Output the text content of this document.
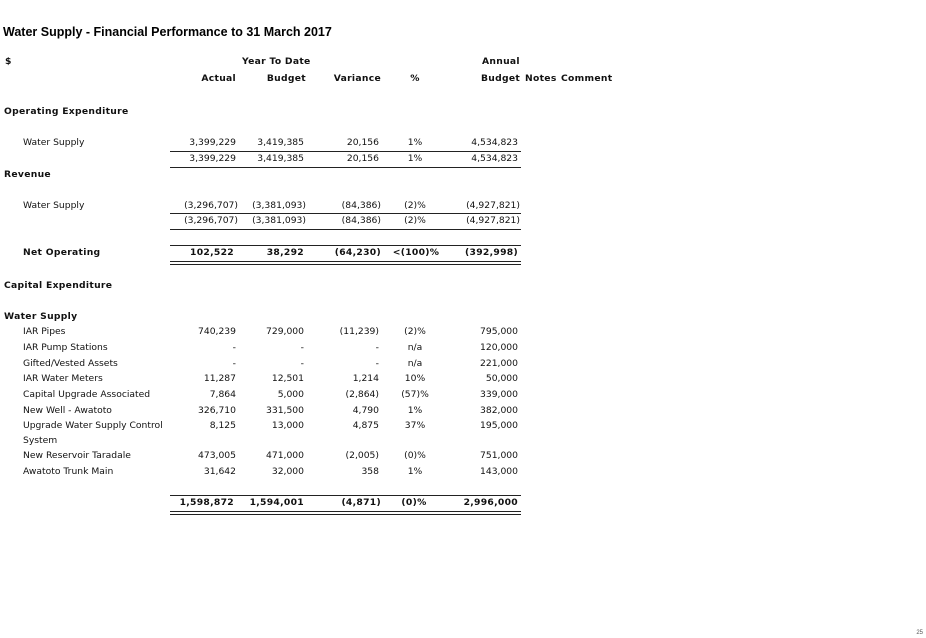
Water Supply - Financial Performance to 31 March 2017
$	Year To Date	Annual
Actual	Budget	Variance	%	Budget Notes Comment
Operating Expenditure
Water Supply	3,399,229	3,419,385	20,156	1%	4,534,823
3,399,229	3,419,385	20,156	1%	4,534,823
Revenue
Water Supply	(3,296,707)	(3,381,093)	(84,386)	(2)%	(4,927,821)
(3,296,707)	(3,381,093)	(84,386)	(2)%	(4,927,821)
Net Operating	102,522	38,292	(64,230) <(100)%	(392,998)
Capital Expenditure
Water Supply
IAR Pipes	740,239	729,000	(11,239)	(2)%	795,000
IAR Pump Stations	-	-	-	n/a	120,000
Gifted/Vested Assets	-	-	-	n/a	221,000
IAR Water Meters	11,287	12,501	1,214	10%	50,000
Capital Upgrade Associated	7,864	5,000	(2,864)	(57)%	339,000
New Well - Awatoto	326,710	331,500	4,790	1%	382,000
Upgrade Water Supply Control
System
8,125	13,000	4,875	37%	195,000
New Reservoir Taradale	473,005	471,000	(2,005)	(0)%	751,000
Awatoto Trunk Main	31,642	32,000	358	1%	143,000
1,598,872	1,594,001	(4,871)	(0)%	2,996,000
25
